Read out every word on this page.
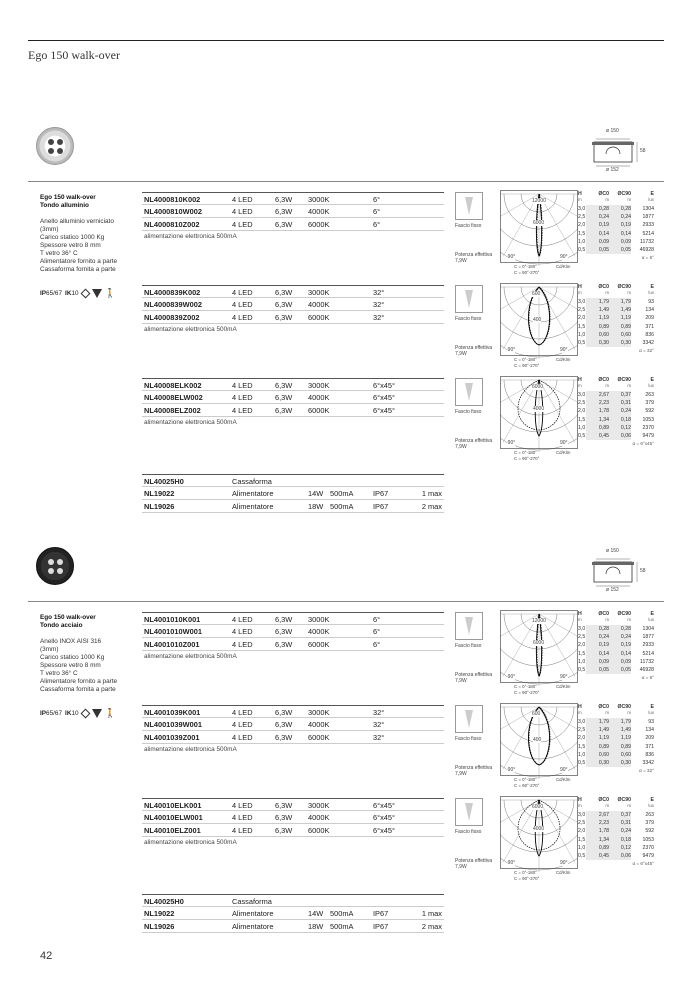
Ego 150 walk-over
ø 150
ø 152
58
Ego 150 walk-over
Tondo alluminio
Anello alluminio verniciato
(3mm)
Carico statico 1000 Kg
Spessore vetro 8 mm
T vetro 36° C
Alimentatore fornito a parte
Cassaforma fornita a parte
IP 65/67 IK 10	🚶
NL4000810K002	4 LED	6,3W 3000K	6°
NL4000810W002	4 LED	6,3W 4000K	6°
NL4000810Z002	4 LED	6,3W 6000K	6°
alimentazione elettronica 500mA
Fascio fisso
Potenza effettiva
7,9W
12000
6000
-90°	90°
C = 0°-180°
C = 90°-270°
Cd/Klm
H	ØC0	ØC90	E
m	m	m	lux
3,0	0,28	0,28	1304
2,5	0,24	0,24	1877
2,0	0,19	0,19	2933
1,5	0,14	0,14	5214
1,0	0,09	0,09	11732
0,5	0,05	0,05	46928
α = 6°
NL4000839K002	4 LED	6,3W 3000K	32°
NL4000839W002	4 LED	6,3W 4000K	32°
NL4000839Z002	4 LED	6,3W 6000K	32°
alimentazione elettronica 500mA
Fascio fisso
Potenza effettiva
7,9W
600
400
-90°	90°
C = 0°-180°
C = 90°-270°
Cd/Klm
H	ØC0	ØC90	E
m	m	m	lux
3,0	1,79	1,79	93
2,5	1,49	1,49	134
2,0	1,19	1,19	209
1,5	0,89	0,89	371
1,0	0,60	0,60	836
0,5	0,30	0,30	3342
α = 32°
NL40008ELK002	4 LED	6,3W 3000K	6°x45°
NL40008ELW002	4 LED	6,3W 4000K	6°x45°
NL40008ELZ002	4 LED	6,3W 6000K	6°x45°
alimentazione elettronica 500mA
Fascio fisso
Potenza effettiva
7,9W
6000
4000
-90°	90°
C = 0°-180°
C = 90°-270°
Cd/Klm
H	ØC0	ØC90	E
m	m	m	lux
3,0	2,67	0,37	263
2,5	2,23	0,31	379
2,0	1,78	0,24	592
1,5	1,34	0,18	1053
1,0	0,89	0,12	2370
0,5	0,45	0,06	9479
α = 6°x45°
NL40025H0	Cassaforma
NL19022	Alimentatore	14W 500mA	IP67	1 max
NL19026	Alimentatore	18W 500mA	IP67	2 max
ø 150
ø 152
58
Ego 150 walk-over
Tondo acciaio
Anello INOX AISI 316
(3mm)
Carico statico 1000 Kg
Spessore vetro 8 mm
T vetro 36° C
Alimentatore fornito a parte
Cassaforma fornita a parte
IP 65/67 IK 10	🚶
NL4001010K001	4 LED	6,3W 3000K	6°
NL4001010W001	4 LED	6,3W 4000K	6°
NL4001010Z001	4 LED	6,3W 6000K	6°
alimentazione elettronica 500mA
Fascio fisso
Potenza effettiva
7,9W
12000
6000
-90°	90°
C = 0°-180°
C = 90°-270°
Cd/Klm
H	ØC0	ØC90	E
m	m	m	lux
3,0	0,28	0,28	1304
2,5	0,24	0,24	1877
2,0	0,19	0,19	2933
1,5	0,14	0,14	5214
1,0	0,09	0,09	11732
0,5	0,05	0,05	46928
α = 6°
NL4001039K001	4 LED	6,3W 3000K	32°
NL4001039W001	4 LED	6,3W 4000K	32°
NL4001039Z001	4 LED	6,3W 6000K	32°
alimentazione elettronica 500mA
Fascio fisso
Potenza effettiva
7,9W
600
400
-90°	90°
C = 0°-180°
C = 90°-270°
Cd/Klm
H	ØC0	ØC90	E
m	m	m	lux
3,0	1,79	1,79	93
2,5	1,49	1,49	134
2,0	1,19	1,19	209
1,5	0,89	0,89	371
1,0	0,60	0,60	836
0,5	0,30	0,30	3342
α = 32°
NL40010ELK001	4 LED	6,3W 3000K	6°x45°
NL40010ELW001	4 LED	6,3W 4000K	6°x45°
NL40010ELZ001	4 LED	6,3W 6000K	6°x45°
alimentazione elettronica 500mA
Fascio fisso
Potenza effettiva
7,9W
6000
4000
-90°	90°
C = 0°-180°
C = 90°-270°
Cd/Klm
H	ØC0	ØC90	E
m	m	m	lux
3,0	2,67	0,37	263
2,5	2,23	0,31	379
2,0	1,78	0,24	592
1,5	1,34	0,18	1053
1,0	0,89	0,12	2370
0,5	0,45	0,06	9479
α = 6°x45°
NL40025H0	Cassaforma
NL19022	Alimentatore	14W 500mA	IP67	1 max
NL19026	Alimentatore	18W 500mA	IP67	2 max
42
